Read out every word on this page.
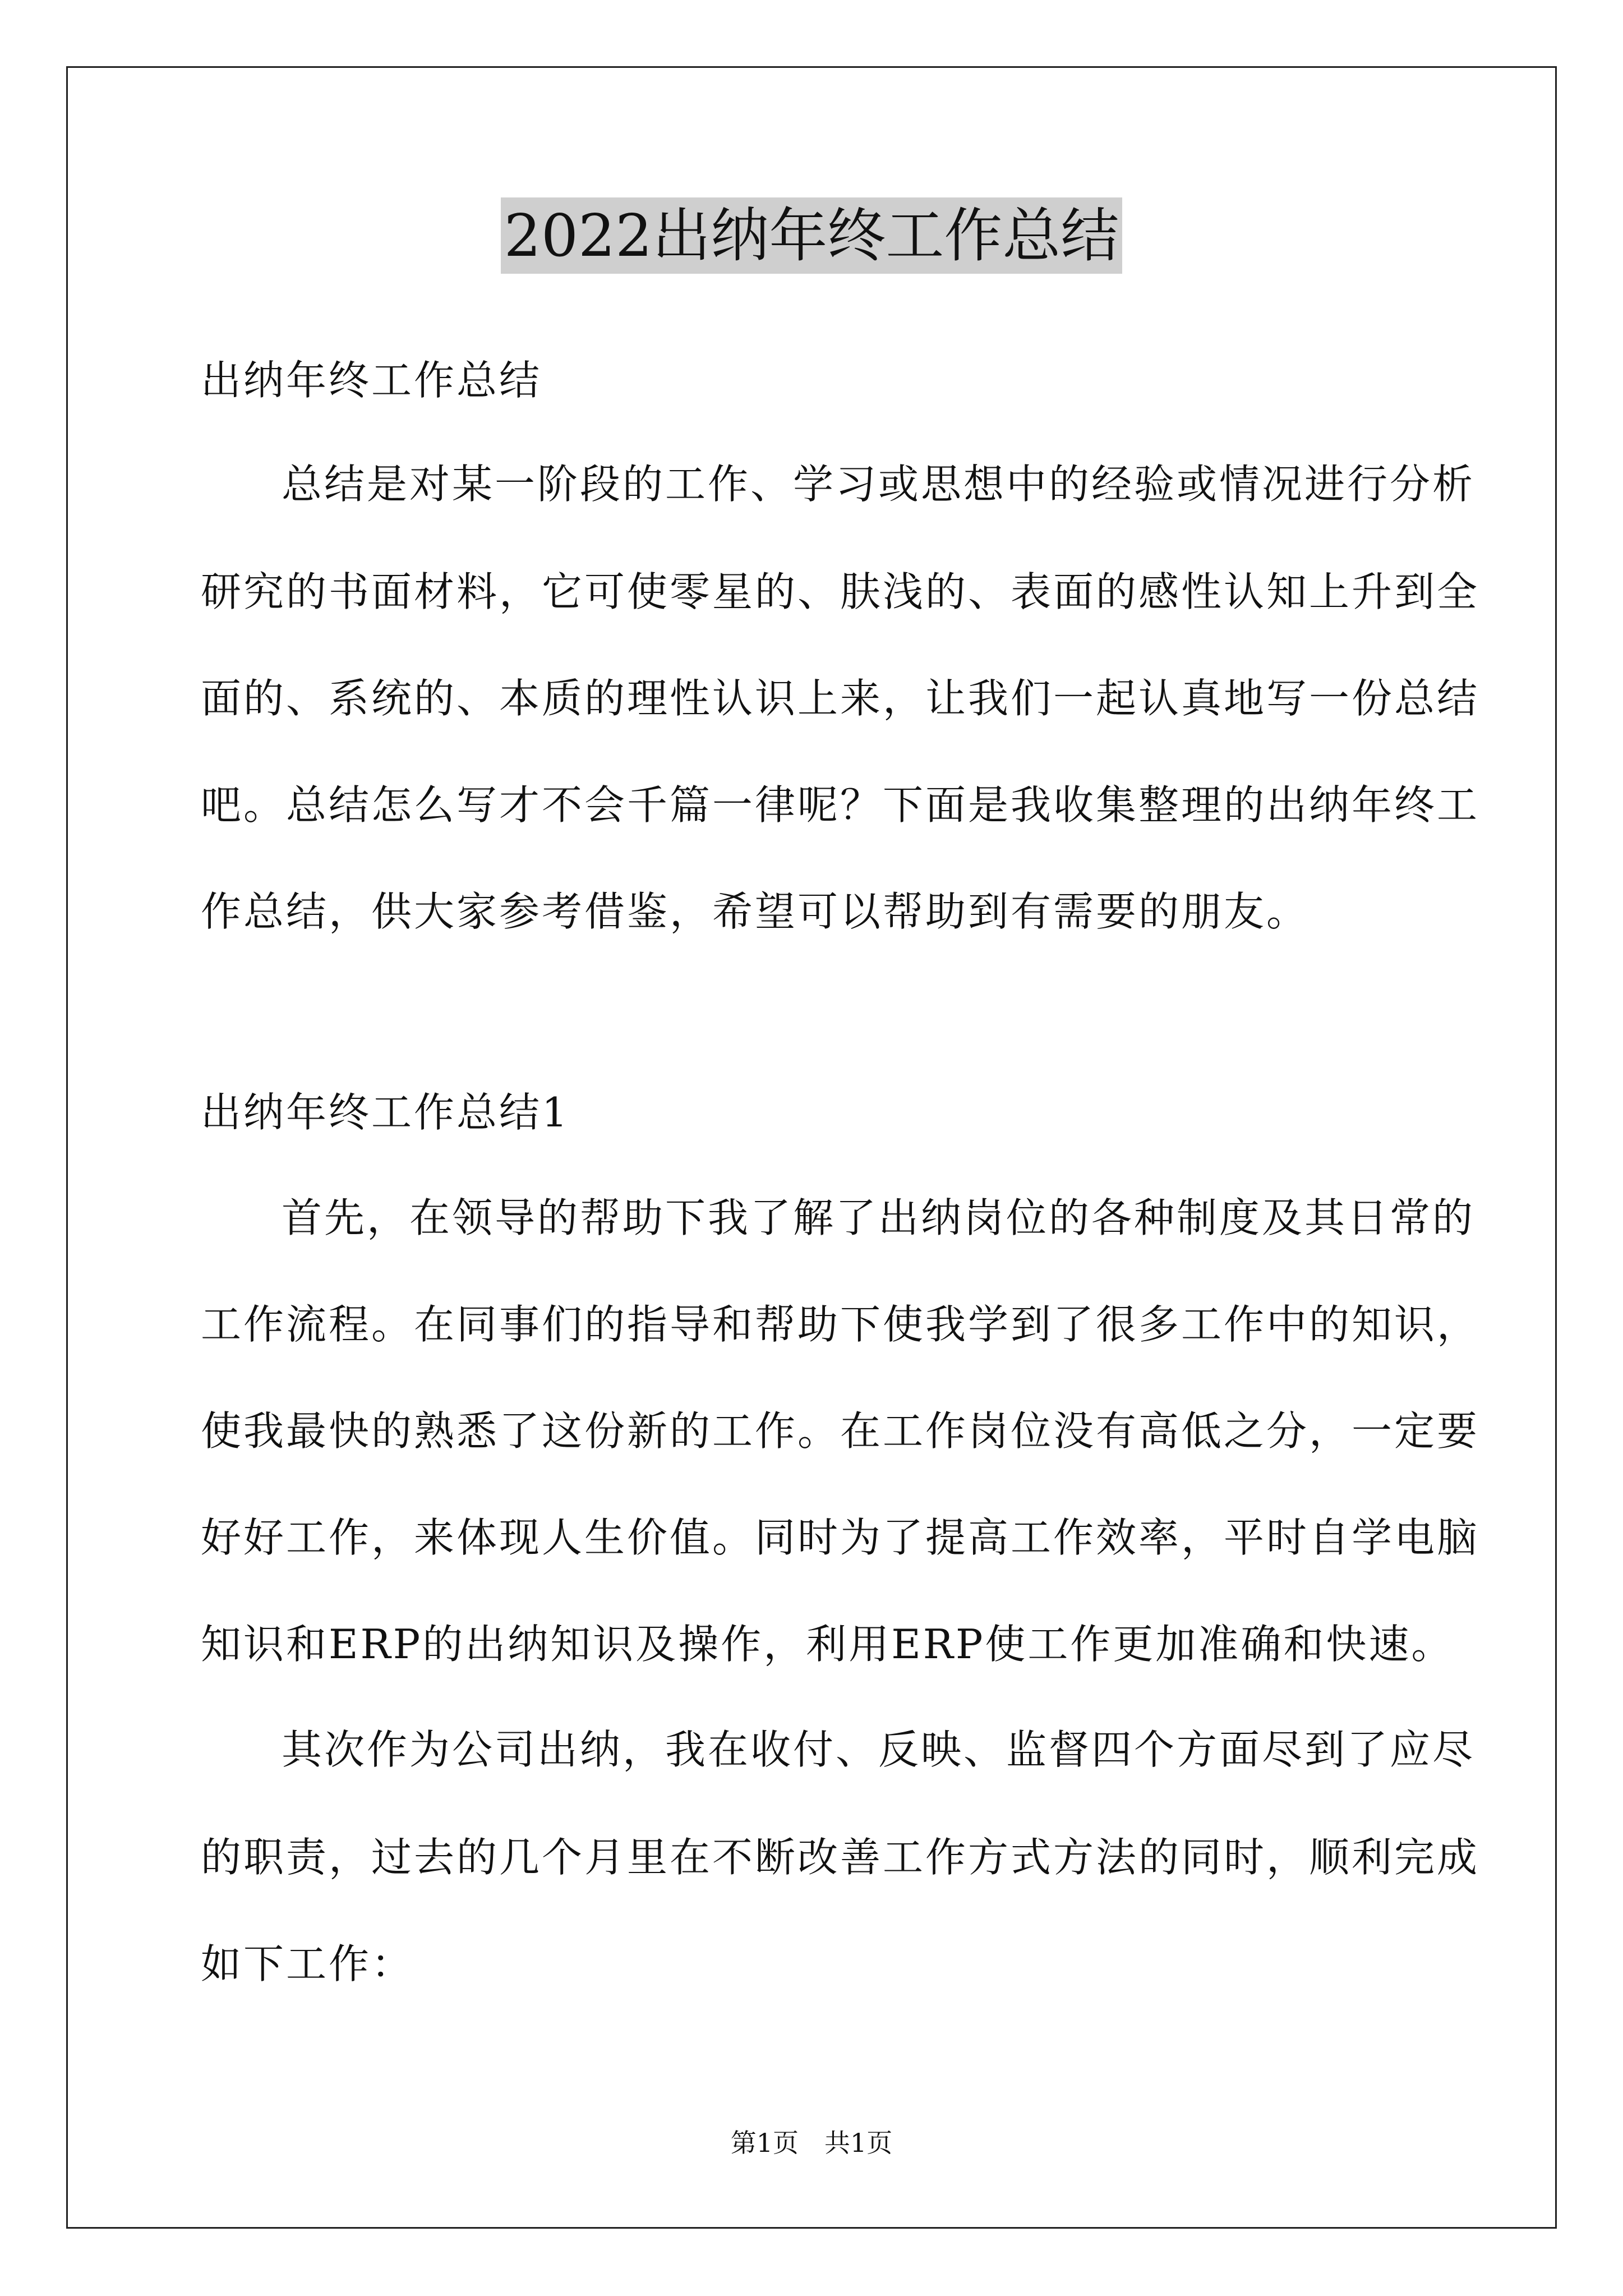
2022出纳年终工作总结
出纳年终工作总结
总结是对某一阶段的工作、学习或思想中的经验或情况进行分析
研究的书面材料，它可使零星的、肤浅的、表面的感性认知上升到全
面的、系统的、本质的理性认识上来，让我们一起认真地写一份总结
吧。总结怎么写才不会千篇一律呢？下面是我收集整理的出纳年终工
作总结，供大家参考借鉴，希望可以帮助到有需要的朋友。
出纳年终工作总结1
首先，在领导的帮助下我了解了出纳岗位的各种制度及其日常的
工作流程。在同事们的指导和帮助下使我学到了很多工作中的知识，
使我最快的熟悉了这份新的工作。在工作岗位没有高低之分，一定要
好好工作，来体现人生价值。同时为了提高工作效率，平时自学电脑
知识和ERP的出纳知识及操作，利用ERP使工作更加准确和快速。
其次作为公司出纳，我在收付、反映、监督四个方面尽到了应尽
的职责，过去的几个月里在不断改善工作方式方法的同时，顺利完成
如下工作：
第1页　共1页
